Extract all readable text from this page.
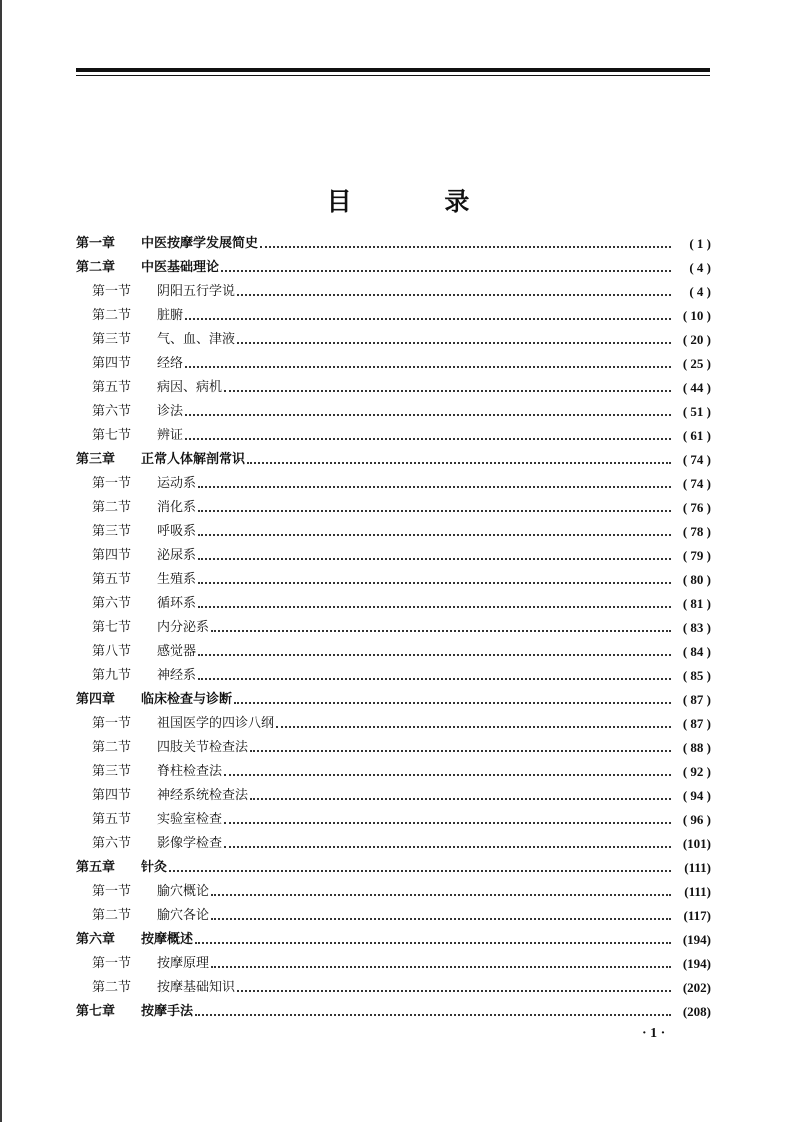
目 录
第一章	中医按摩学发展简史	( 1 )
第二章	中医基础理论	( 4 )
第一节	阴阳五行学说	( 4 )
第二节	脏腑	( 10 )
第三节	气、血、津液	( 20 )
第四节	经络	( 25 )
第五节	病因、病机	( 44 )
第六节	诊法	( 51 )
第七节	辨证	( 61 )
第三章	正常人体解剖常识	( 74 )
第一节	运动系	( 74 )
第二节	消化系	( 76 )
第三节	呼吸系	( 78 )
第四节	泌尿系	( 79 )
第五节	生殖系	( 80 )
第六节	循环系	( 81 )
第七节	内分泌系	( 83 )
第八节	感觉器	( 84 )
第九节	神经系	( 85 )
第四章	临床检查与诊断	( 87 )
第一节	祖国医学的四诊八纲	( 87 )
第二节	四肢关节检查法	( 88 )
第三节	脊柱检查法	( 92 )
第四节	神经系统检查法	( 94 )
第五节	实验室检查	( 96 )
第六节	影像学检查	(101)
第五章	针灸	(111)
第一节	腧穴概论	(111)
第二节	腧穴各论	(117)
第六章	按摩概述	(194)
第一节	按摩原理	(194)
第二节	按摩基础知识	(202)
第七章	按摩手法	(208)
· 1 ·
